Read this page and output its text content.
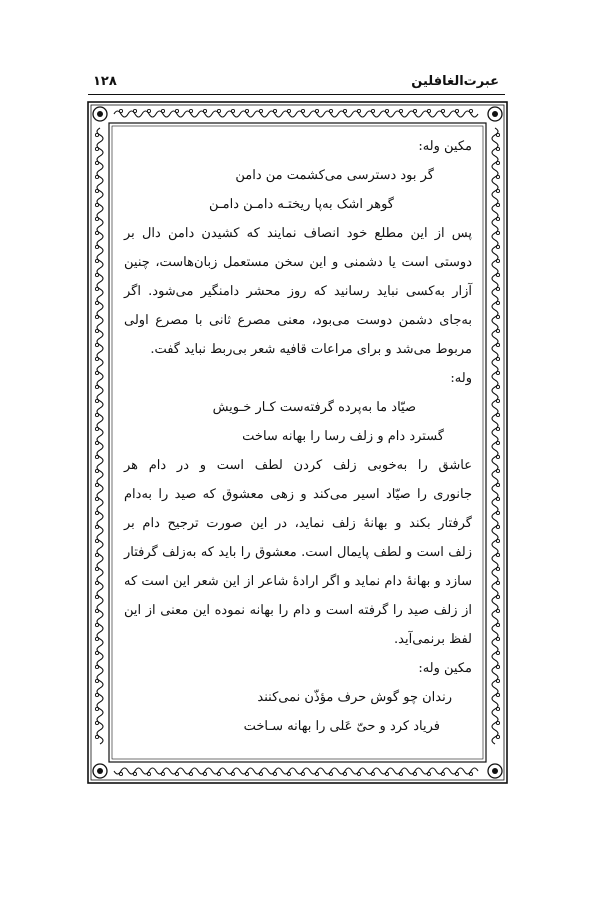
عبرت‌الغافلین
۱۲۸
مکین وله:
گر بود دسترسی می‌کشمت من دامن
گوهر اشک به‌پا ریختـه دامـن دامـن
پس از این مطلع خود انصاف نمایند که کشیدن دامن دال بر
دوستی است یا دشمنی و این سخن مستعمل زبان‌هاست، چنین
آزار به‌کسی نباید رسانید که روز محشر دامنگیر می‌شود. اگر
به‌جای دشمن دوست می‌بود، معنی مصرع ثانی با مصرع اولی
مربوط می‌شد و برای مراعات قافیه شعر بی‌ربط نباید گفت.
وله:
صیّاد ما به‌پرده گرفته‌ست کـار خـویش
گسترد دام و زلف رسا را بهانه ساخت
عاشق را به‌خوبی زلف کردن لطف است و در دام هر
جانوری را صیّاد اسیر می‌کند و زهی معشوق که صید را به‌دام
گرفتار بکند و بهانهٔ زلف نماید، در این صورت ترجیح دام بر
زلف است و لطف پایمال است. معشوق را باید که به‌زلف گرفتار
سازد و بهانهٔ دام نماید و اگر ارادهٔ شاعر از این شعر این است که
از زلف صید را گرفته است و دام را بهانه نموده این معنی از این
لفظ برنمی‌آید.
مکین وله:
رندان چو گوش حرف مؤذّن نمی‌کنند
فریاد کرد و حیّ عَلی را بهانه سـاخت
